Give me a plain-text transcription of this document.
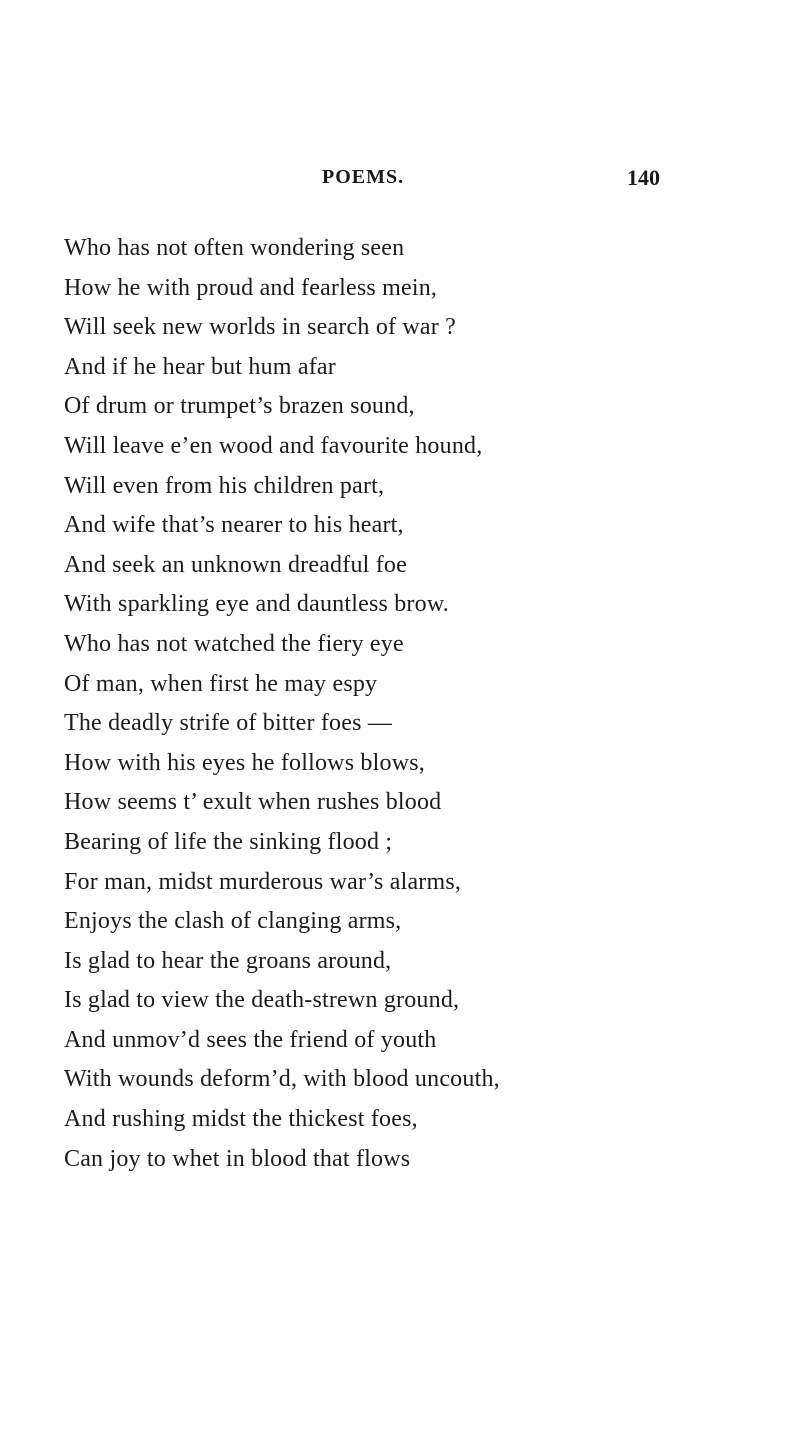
POEMS.	140
Who has not often wondering seen
How he with proud and fearless mein,
Will seek new worlds in search of war ?
And if he hear but hum afar
Of drum or trumpet’s brazen sound,
Will leave e’en wood and favourite hound,
Will even from his children part,
And wife that’s nearer to his heart,
And seek an unknown dreadful foe
With sparkling eye and dauntless brow.
Who has not watched the fiery eye
Of man, when first he may espy
The deadly strife of bitter foes —
How with his eyes he follows blows,
How seems t’ exult when rushes blood
Bearing of life the sinking flood ;
For man, midst murderous war’s alarms,
Enjoys the clash of clanging arms,
Is glad to hear the groans around,
Is glad to view the death-strewn ground,
And unmov’d sees the friend of youth
With wounds deform’d, with blood uncouth,
And rushing midst the thickest foes,
Can joy to whet in blood that flows
